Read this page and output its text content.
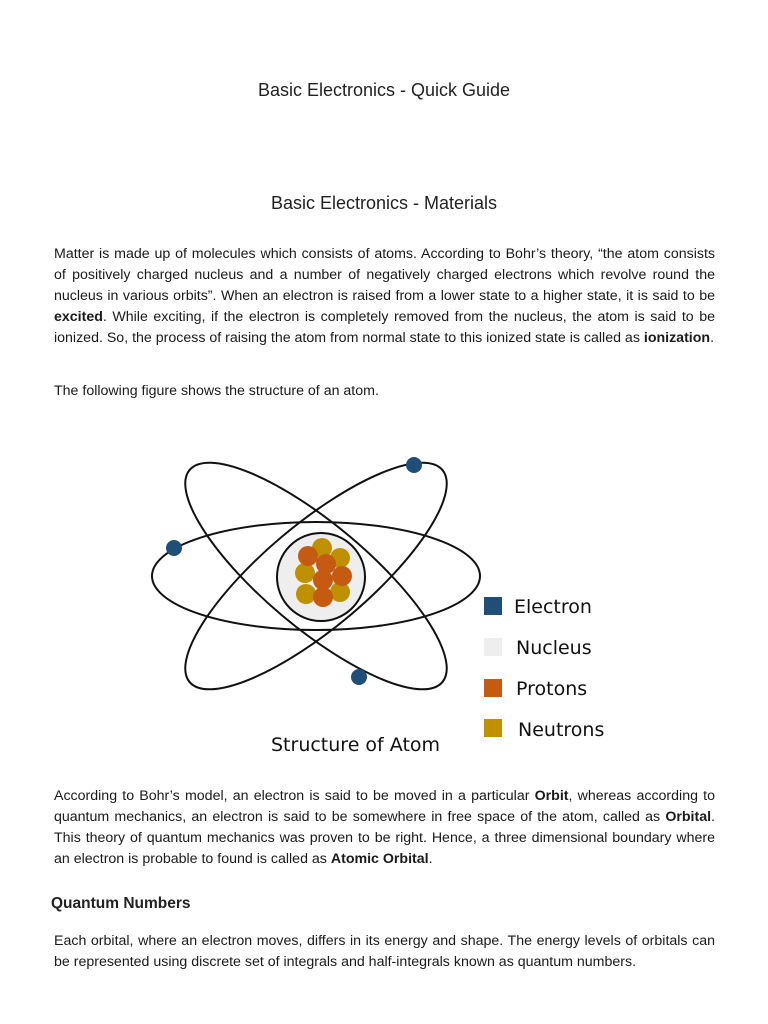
Basic Electronics - Quick Guide
Basic Electronics - Materials

Matter is made up of molecules which consists of atoms. According to Bohr’s theory, “the atom consists of positively charged nucleus and a number of negatively charged electrons which revolve round the nucleus in various orbits”. When an electron is raised from a lower state to a higher state, it is said to be excited. While exciting, if the electron is completely removed from the nucleus, the atom is said to be ionized. So, the process of raising the atom from normal state to this ionized state is called as ionization.

The following figure shows the structure of an atom.

Electron
Nucleus
Protons
Neutrons
Structure of Atom

According to Bohr’s model, an electron is said to be moved in a particular Orbit, whereas according to quantum mechanics, an electron is said to be somewhere in free space of the atom, called as Orbital. This theory of quantum mechanics was proven to be right. Hence, a three dimensional boundary where an electron is probable to found is called as Atomic Orbital.

Quantum Numbers

Each orbital, where an electron moves, differs in its energy and shape. The energy levels of orbitals can be represented using discrete set of integrals and half-integrals known as quantum numbers.
